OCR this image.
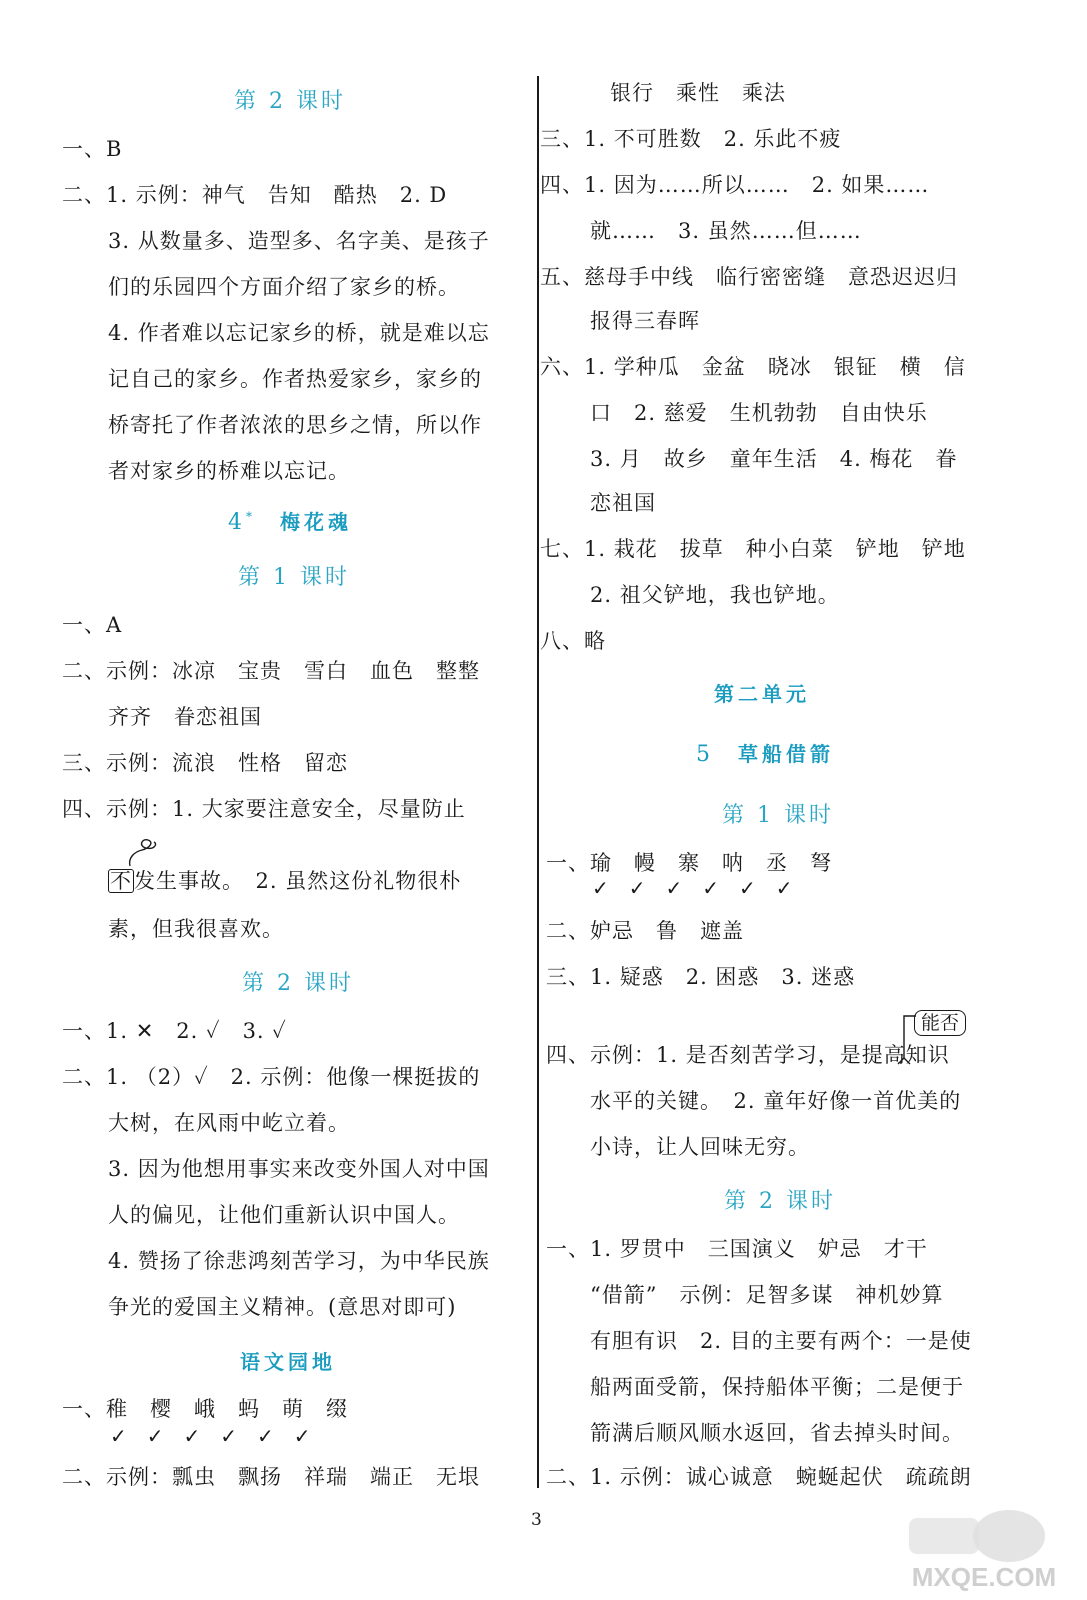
第 2 课时
一、B
二、1. 示例：神气　告知　酷热　2. D
3. 从数量多、造型多、名字美、是孩子
们的乐园四个方面介绍了家乡的桥。
4. 作者难以忘记家乡的桥，就是难以忘
记自己的家乡。作者热爱家乡，家乡的
桥寄托了作者浓浓的思乡之情，所以作
者对家乡的桥难以忘记。
4* 梅花魂
第 1 课时
一、A
二、示例：冰凉　宝贵　雪白　血色　整整
齐齐　眷恋祖国
三、示例：流浪　性格　留恋
四、示例：1. 大家要注意安全，尽量防止
不发生事故。　2. 虽然这份礼物很朴
素，但我很喜欢。
第 2 课时
一、1. ✕　2. ✓　3. ✓
二、1. （2）✓　2. 示例：他像一棵挺拔的
大树，在风雨中屹立着。
3. 因为他想用事实来改变外国人对中国
人的偏见，让他们重新认识中国人。
4. 赞扬了徐悲鸿刻苦学习，为中华民族
争光的爱国主义精神。(意思对即可)
语文园地
一、稚　樱　峨　蚂　萌　缀
✓　✓　✓　✓　✓　✓
二、示例：瓢虫　飘扬　祥瑞　端正　无垠
银行　乘性　乘法
三、1. 不可胜数　2. 乐此不疲
四、1. 因为……所以……　2. 如果……
就……　3. 虽然……但……
五、慈母手中线　临行密密缝　意恐迟迟归
报得三春晖
六、1. 学种瓜　金盆　晓冰　银钲　横　信
口　2. 慈爱　生机勃勃　自由快乐
3. 月　故乡　童年生活　4. 梅花　眷
恋祖国
七、1. 栽花　拔草　种小白菜　铲地　铲地
2. 祖父铲地，我也铲地。
八、略
第二单元
5 草船借箭
第 1 课时
一、瑜　幔　寨　呐　丞　弩
✓　✓　✓　✓　✓　✓
二、妒忌　鲁　遮盖
三、1. 疑惑　2. 困惑　3. 迷惑
能否
四、示例：1. 是否刻苦学习，是提高知识
水平的关键。　2. 童年好像一首优美的
小诗，让人回味无穷。
第 2 课时
一、1. 罗贯中　三国演义　妒忌　才干
“借箭”　示例：足智多谋　神机妙算
有胆有识　2. 目的主要有两个：一是使
船两面受箭，保持船体平衡；二是便于
箭满后顺风顺水返回，省去掉头时间。
二、1. 示例：诚心诚意　蜿蜒起伏　疏疏朗
3
MXQE.COM
